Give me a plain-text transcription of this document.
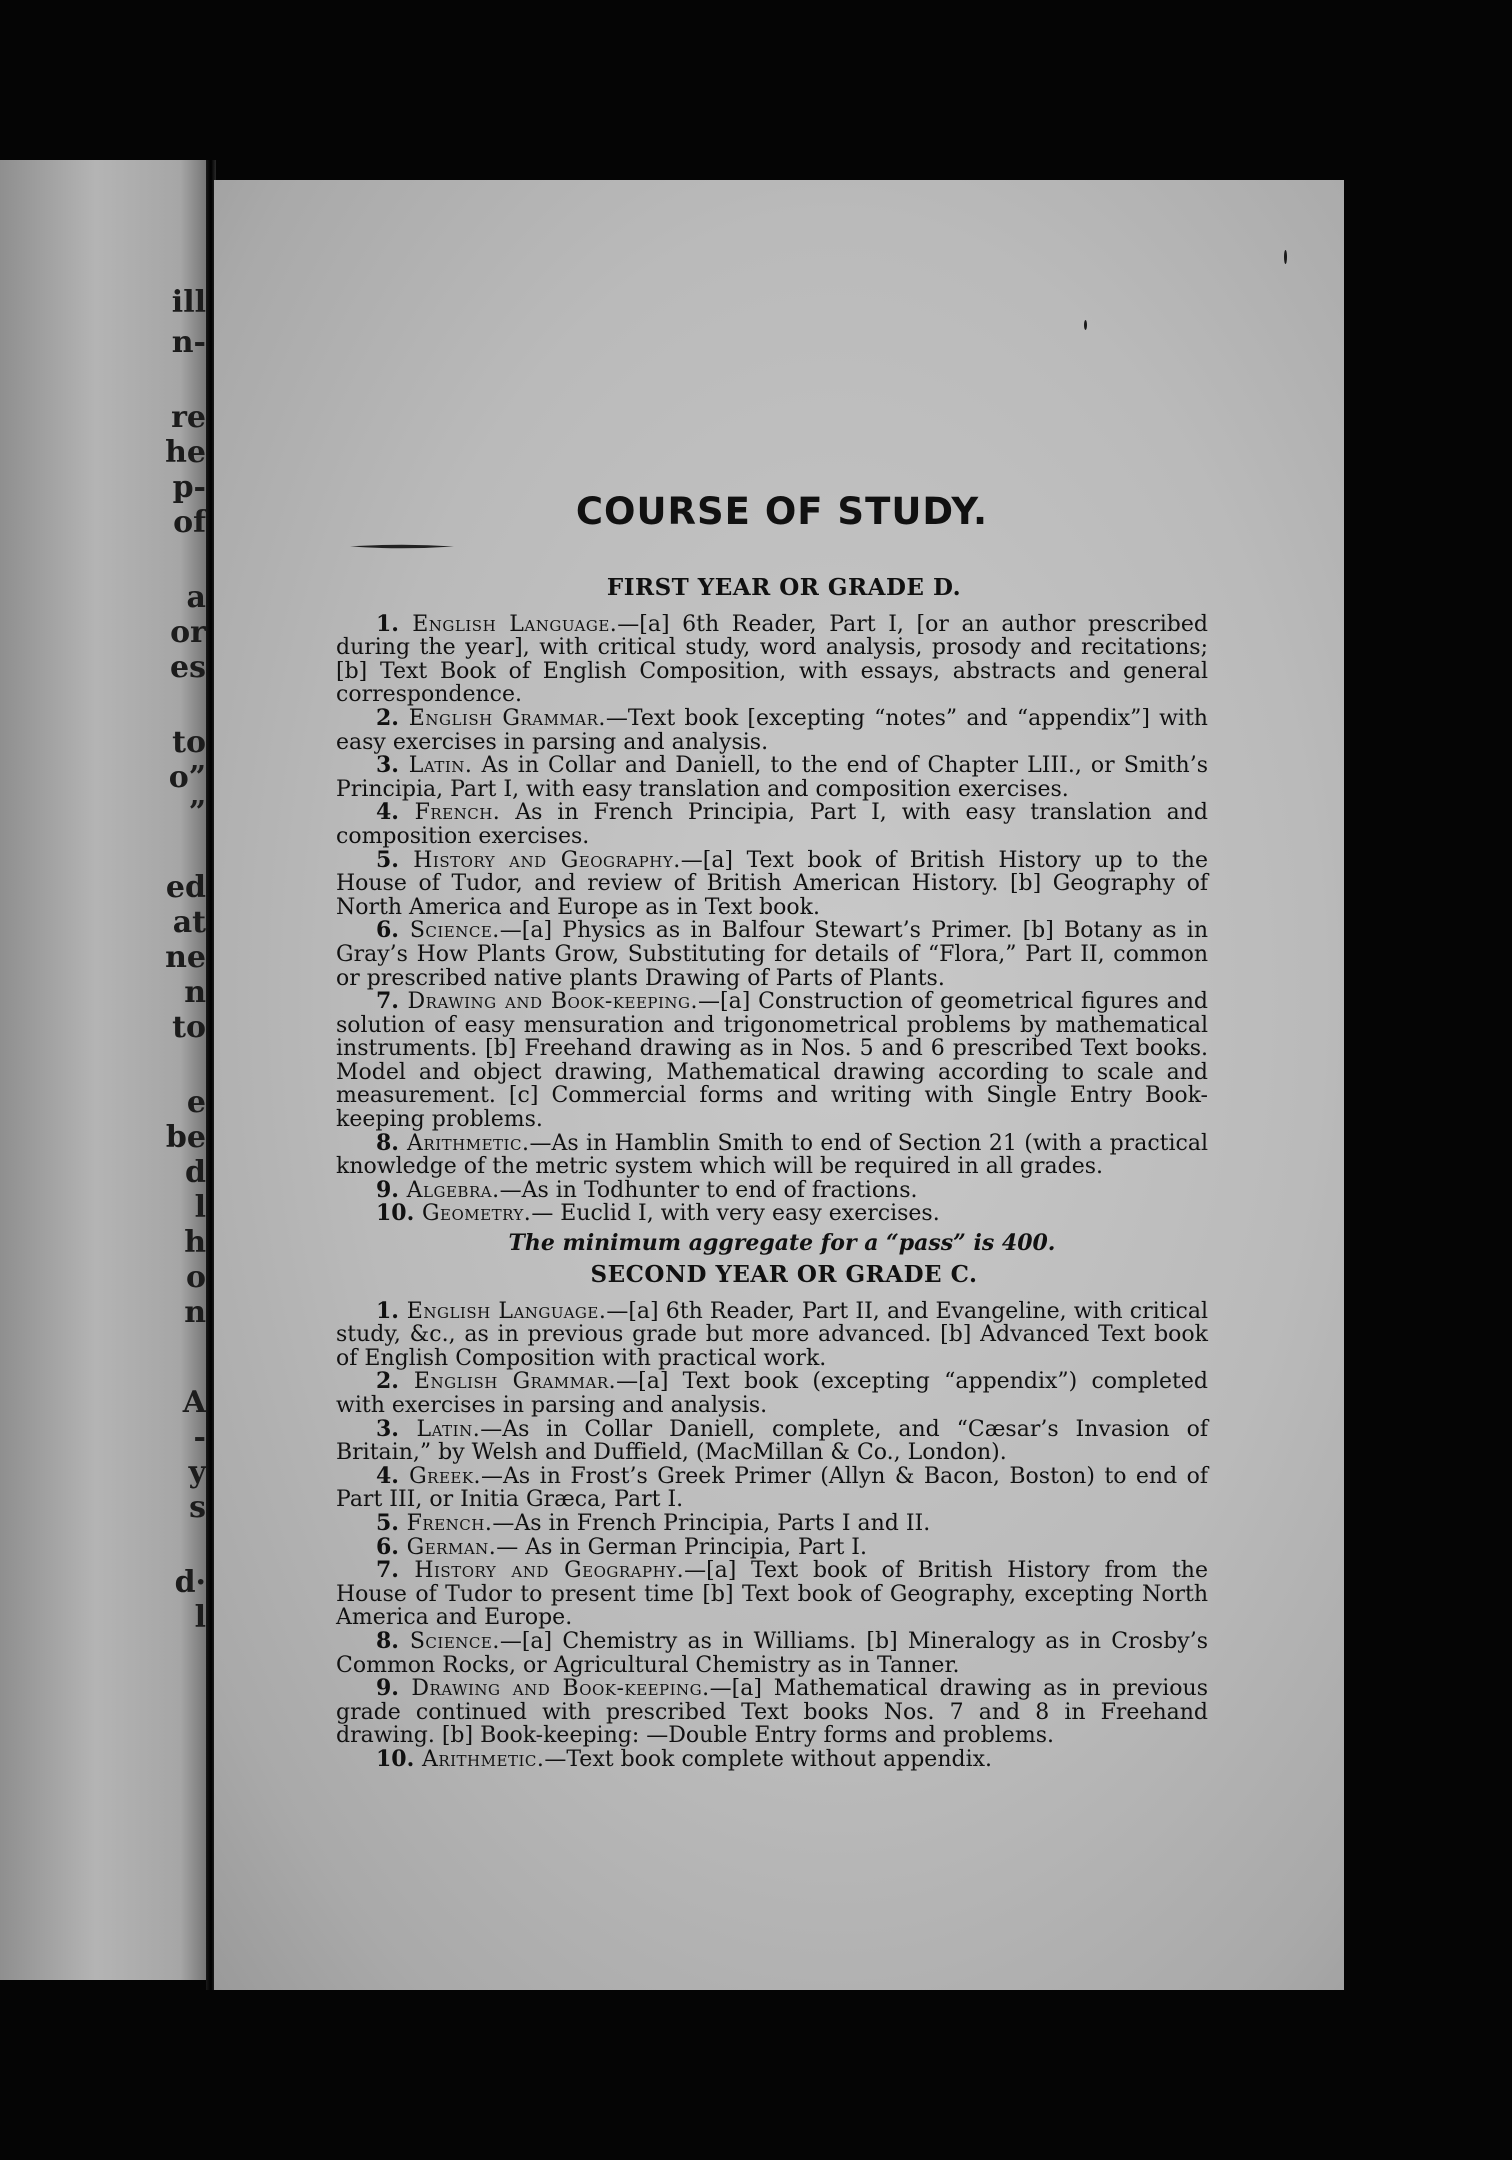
ill
n-
re
he
p-
of
a
or
es
to
o”
”
ed
at
ne
n
to
e
be
d
l
h
o
n
A
-
y
s
d·
l
COURSE OF STUDY.
FIRST YEAR OR GRADE D.

1. English Language.—[a] 6th Reader, Part I, [or an author prescribed during the year], with critical study, word analysis, prosody and recitations; [b] Text Book of English Composition, with essays, abstracts and general correspondence.

2. English Grammar.—Text book [excepting “notes” and “appendix”] with easy exercises in parsing and analysis.

3. Latin. As in Collar and Daniell, to the end of Chapter LIII., or Smith’s Principia, Part I, with easy translation and composition exercises.

4. French. As in French Principia, Part I, with easy translation and composition exercises.

5. History and Geography.—[a] Text book of British History up to the House of Tudor, and review of British American History. [b] Geography of North America and Europe as in Text book.

6. Science.—[a] Physics as in Balfour Stewart’s Primer. [b] Botany as in Gray’s How Plants Grow, Substituting for details of “Flora,” Part II, common or prescribed native plants Drawing of Parts of Plants.

7. Drawing and Book-keeping.—[a] Construction of geometrical figures and solution of easy mensuration and trigonometrical problems by mathematical instruments. [b] Freehand drawing as in Nos. 5 and 6 prescribed Text books. Model and object drawing, Mathematical drawing according to scale and measurement. [c] Commercial forms and writing with Single Entry Book-keeping problems.

8. Arithmetic.—As in Hamblin Smith to end of Section 21 (with a practical knowledge of the metric system which will be required in all grades.

9. Algebra.—As in Todhunter to end of fractions.

10. Geometry.— Euclid I, with very easy exercises.

The minimum aggregate for a “pass” is 400.

SECOND YEAR OR GRADE C.

1. English Language.—[a] 6th Reader, Part II, and Evangeline, with critical study, &c., as in previous grade but more advanced. [b] Advanced Text book of English Composition with practical work.

2. English Grammar.—[a] Text book (excepting “appendix”) completed with exercises in parsing and analysis.

3. Latin.—As in Collar Daniell, complete, and “Cæsar’s Invasion of Britain,” by Welsh and Duffield, (MacMillan & Co., London).

4. Greek.—As in Frost’s Greek Primer (Allyn & Bacon, Boston) to end of Part III, or Initia Græca, Part I.

5. French.—As in French Principia, Parts I and II.

6. German.— As in German Principia, Part I.

7. History and Geography.—[a] Text book of British History from the House of Tudor to present time [b] Text book of Geography, excepting North America and Europe.

8. Science.—[a] Chemistry as in Williams. [b] Mineralogy as in Crosby’s Common Rocks, or Agricultural Chemistry as in Tanner.

9. Drawing and Book-keeping.—[a] Mathematical drawing as in previous grade continued with prescribed Text books Nos. 7 and 8 in Freehand drawing. [b] Book-keeping: —Double Entry forms and problems.

10. Arithmetic.—Text book complete without appendix.
